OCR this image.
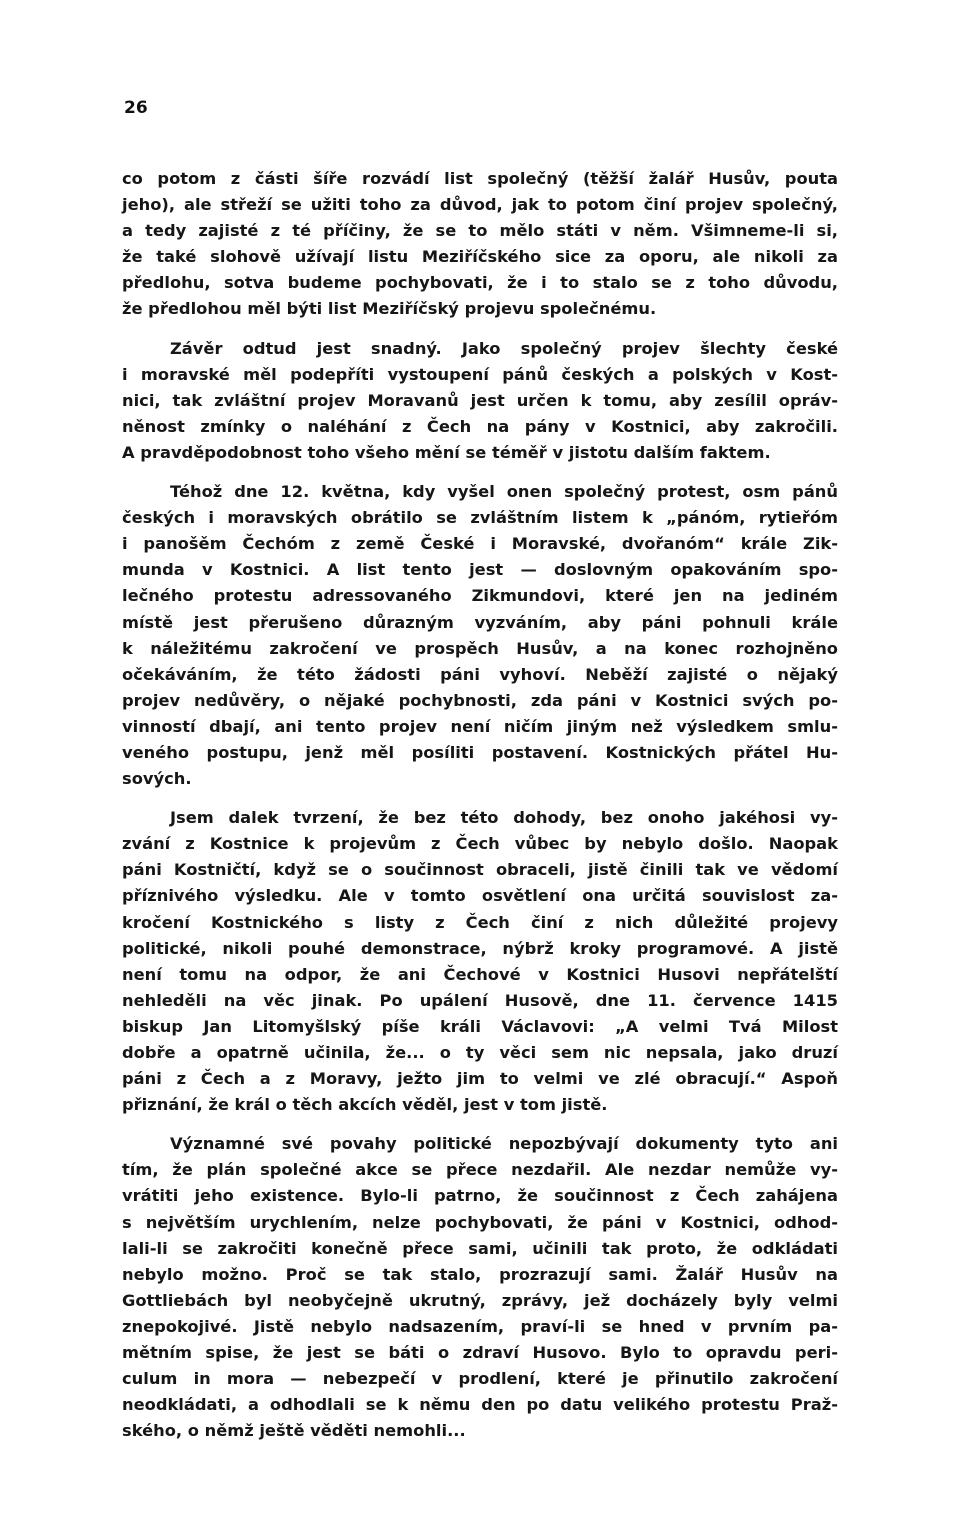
26
co potom z části šíře rozvádí list společný (těžší žalář Husův, pouta
jeho), ale střeží se užiti toho za důvod, jak to potom činí projev společný,
a tedy zajisté z té příčiny, že se to mělo státi v něm. Všimneme-li si,
že také slohově užívají listu Meziříčského sice za oporu, ale nikoli za
předlohu, sotva budeme pochybovati, že i to stalo se z toho důvodu,
že předlohou měl býti list Meziříčský projevu společnému.
Závěr odtud jest snadný. Jako společný projev šlechty české
i moravské měl podepříti vystoupení pánů českých a polských v Kost-
nici, tak zvláštní projev Moravanů jest určen k tomu, aby zesílil opráv-
něnost zmínky o naléhání z Čech na pány v Kostnici, aby zakročili.
A pravděpodobnost toho všeho mění se téměř v jistotu dalším faktem.
Téhož dne 12. května, kdy vyšel onen společný protest, osm pánů
českých i moravských obrátilo se zvláštním listem k „pánóm, rytieřóm
i panošěm Čechóm z země České i Moravské, dvořanóm“ krále Zik-
munda v Kostnici. A list tento jest — doslovným opakováním spo-
lečného protestu adressovaného Zikmundovi, které jen na jediném
místě jest přerušeno důrazným vyzváním, aby páni pohnuli krále
k náležitému zakročení ve prospěch Husův, a na konec rozhojněno
očekáváním, že této žádosti páni vyhoví. Neběží zajisté o nějaký
projev nedůvěry, o nějaké pochybnosti, zda páni v Kostnici svých po-
vinností dbají, ani tento projev není ničím jiným než výsledkem smlu-
veného postupu, jenž měl posíliti postavení. Kostnických přátel Hu-
sových.
Jsem dalek tvrzení, že bez této dohody, bez onoho jakéhosi vy-
zvání z Kostnice k projevům z Čech vůbec by nebylo došlo. Naopak
páni Kostničtí, když se o součinnost obraceli, jistě činili tak ve vědomí
příznivého výsledku. Ale v tomto osvětlení ona určitá souvislost za-
kročení Kostnického s listy z Čech činí z nich důležité projevy
politické, nikoli pouhé demonstrace, nýbrž kroky programové. A jistě
není tomu na odpor, že ani Čechové v Kostnici Husovi nepřátelští
nehleděli na věc jinak. Po upálení Husově, dne 11. července 1415
biskup Jan Litomyšlský píše králi Václavovi: „A velmi Tvá Milost
dobře a opatrně učinila, že... o ty věci sem nic nepsala, jako druzí
páni z Čech a z Moravy, ježto jim to velmi ve zlé obracují.“ Aspoň
přiznání, že král o těch akcích věděl, jest v tom jistě.
Významné své povahy politické nepozbývají dokumenty tyto ani
tím, že plán společné akce se přece nezdařil. Ale nezdar nemůže vy-
vrátiti jeho existence. Bylo-li patrno, že součinnost z Čech zahájena
s největším urychlením, nelze pochybovati, že páni v Kostnici, odhod-
lali-li se zakročiti konečně přece sami, učinili tak proto, že odkládati
nebylo možno. Proč se tak stalo, prozrazují sami. Žalář Husův na
Gottliebách byl neobyčejně ukrutný, zprávy, jež docházely byly velmi
znepokojivé. Jistě nebylo nadsazením, praví-li se hned v prvním pa-
mětním spise, že jest se báti o zdraví Husovo. Bylo to opravdu peri-
culum in mora — nebezpečí v prodlení, které je přinutilo zakročení
neodkládati, a odhodlali se k němu den po datu velikého protestu Praž-
ského, o němž ještě věděti nemohli...
